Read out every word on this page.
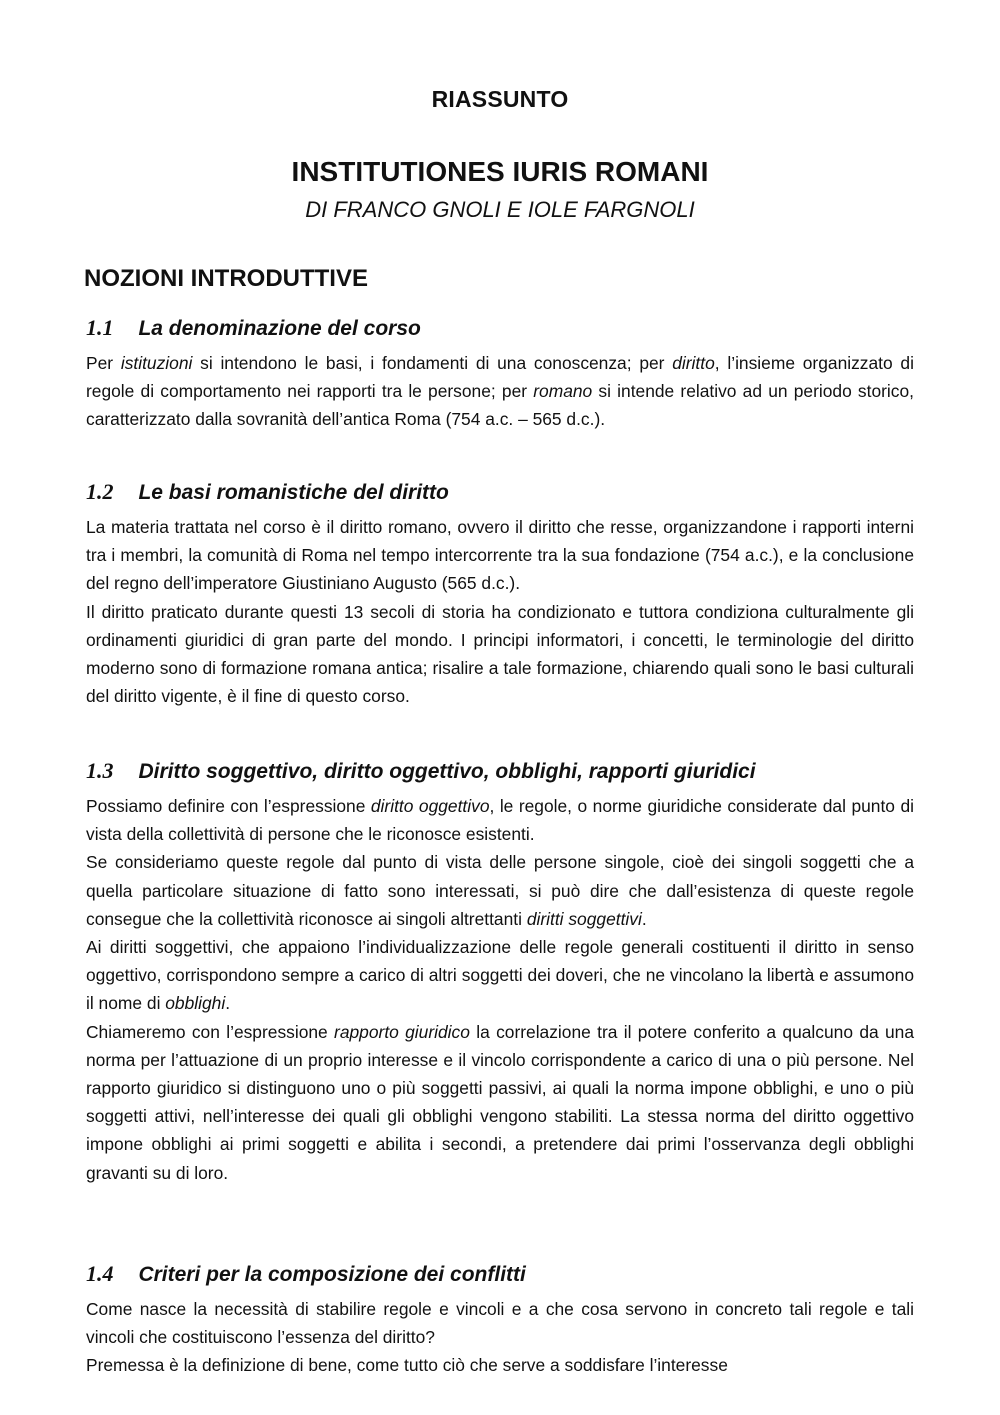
RIASSUNTO
INSTITUTIONES IURIS ROMANI
DI FRANCO GNOLI E IOLE FARGNOLI
NOZIONI INTRODUTTIVE
1.1 La denominazione del corso

Per istituzioni si intendono le basi, i fondamenti di una conoscenza; per diritto, l’insieme organizzato di regole di comportamento nei rapporti tra le persone; per romano si intende relativo ad un periodo storico, caratterizzato dalla sovranità dell’antica Roma (754 a.c. – 565 d.c.).

1.2 Le basi romanistiche del diritto

La materia trattata nel corso è il diritto romano, ovvero il diritto che resse, organizzandone i rapporti interni tra i membri, la comunità di Roma nel tempo intercorrente tra la sua fondazione (754 a.c.), e la conclusione del regno dell’imperatore Giustiniano Augusto (565 d.c.).

Il diritto praticato durante questi 13 secoli di storia ha condizionato e tuttora condiziona culturalmente gli ordinamenti giuridici di gran parte del mondo. I principi informatori, i concetti, le terminologie del diritto moderno sono di formazione romana antica; risalire a tale formazione, chiarendo quali sono le basi culturali del diritto vigente, è il fine di questo corso.

1.3 Diritto soggettivo, diritto oggettivo, obblighi, rapporti giuridici

Possiamo definire con l’espressione diritto oggettivo, le regole, o norme giuridiche considerate dal punto di vista della collettività di persone che le riconosce esistenti.

Se consideriamo queste regole dal punto di vista delle persone singole, cioè dei singoli soggetti che a quella particolare situazione di fatto sono interessati, si può dire che dall’esistenza di queste regole consegue che la collettività riconosce ai singoli altrettanti diritti soggettivi.

Ai diritti soggettivi, che appaiono l’individualizzazione delle regole generali costituenti il diritto in senso oggettivo, corrispondono sempre a carico di altri soggetti dei doveri, che ne vincolano la libertà e assumono il nome di obblighi.

Chiameremo con l’espressione rapporto giuridico la correlazione tra il potere conferito a qualcuno da una norma per l’attuazione di un proprio interesse e il vincolo corrispondente a carico di una o più persone. Nel rapporto giuridico si distinguono uno o più soggetti passivi, ai quali la norma impone obblighi, e uno o più soggetti attivi, nell’interesse dei quali gli obblighi vengono stabiliti. La stessa norma del diritto oggettivo impone obblighi ai primi soggetti e abilita i secondi, a pretendere dai primi l’osservanza degli obblighi gravanti su di loro.

1.4 Criteri per la composizione dei conflitti

Come nasce la necessità di stabilire regole e vincoli e a che cosa servono in concreto tali regole e tali vincoli che costituiscono l’essenza del diritto?

Premessa è la definizione di bene, come tutto ciò che serve a soddisfare l’interesse
